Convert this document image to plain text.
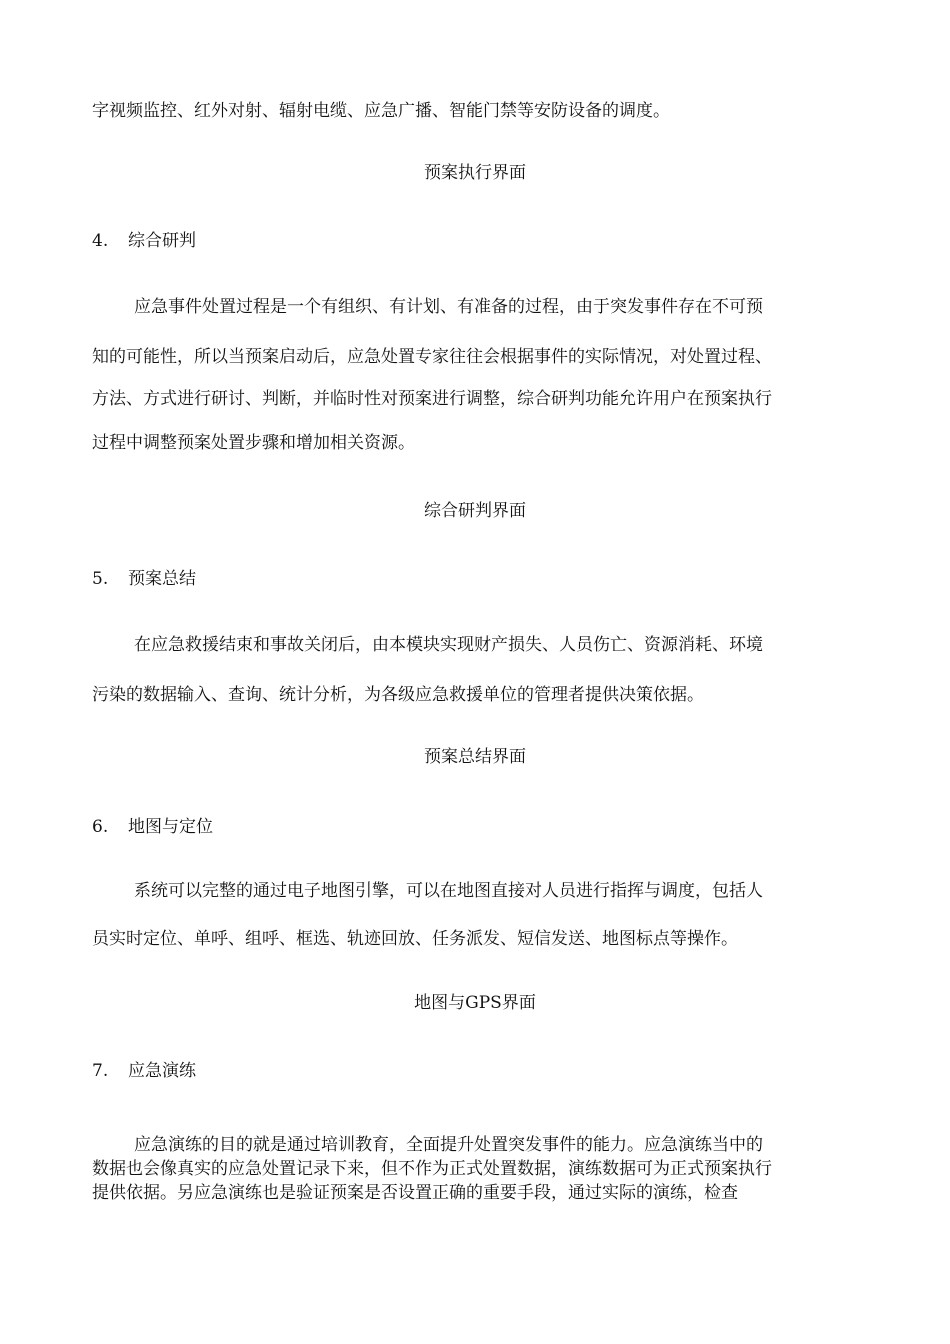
字视频监控、红外对射、辐射电缆、应急广播、智能门禁等安防设备的调度。
预案执行界面
4. 综合研判
应急事件处置过程是一个有组织、有计划、有准备的过程，由于突发事件存在不可预
知的可能性，所以当预案启动后，应急处置专家往往会根据事件的实际情况，对处置过程、
方法、方式进行研讨、判断，并临时性对预案进行调整，综合研判功能允许用户在预案执行
过程中调整预案处置步骤和增加相关资源。
综合研判界面
5. 预案总结
在应急救援结束和事故关闭后，由本模块实现财产损失、人员伤亡、资源消耗、环境
污染的数据输入、查询、统计分析，为各级应急救援单位的管理者提供决策依据。
预案总结界面
6. 地图与定位
系统可以完整的通过电子地图引擎，可以在地图直接对人员进行指挥与调度，包括人
员实时定位、单呼、组呼、框选、轨迹回放、任务派发、短信发送、地图标点等操作。
地图与GPS界面
7. 应急演练
应急演练的目的就是通过培训教育，全面提升处置突发事件的能力。应急演练当中的
数据也会像真实的应急处置记录下来，但不作为正式处置数据，演练数据可为正式预案执行
提供依据。另应急演练也是验证预案是否设置正确的重要手段，通过实际的演练，检查
